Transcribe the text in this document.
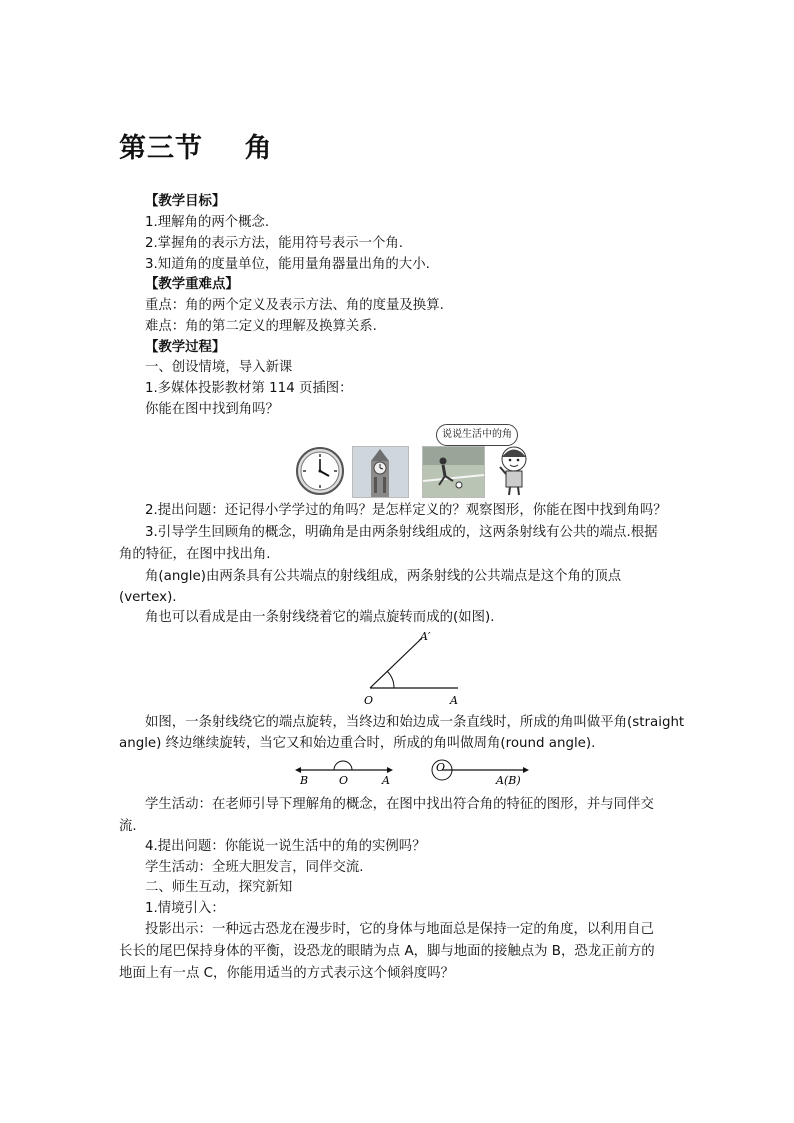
第三节    角
【教学目标】
1.理解角的两个概念.
2.掌握角的表示方法，能用符号表示一个角.
3.知道角的度量单位，能用量角器量出角的大小.
【教学重难点】
重点：角的两个定义及表示方法、角的度量及换算.
难点：角的第二定义的理解及换算关系.
【教学过程】
一、创设情境，导入新课
1.多媒体投影教材第 114 页插图：
你能在图中找到角吗？
说说生活中的角
2.提出问题：还记得小学学过的角吗？是怎样定义的？观察图形，你能在图中找到角吗？
3.引导学生回顾角的概念，明确角是由两条射线组成的，这两条射线有公共的端点.根据
角的特征，在图中找出角.
角(angle)由两条具有公共端点的射线组成，两条射线的公共端点是这个角的顶点
(vertex).
角也可以看成是由一条射线绕着它的端点旋转而成的(如图).
O	A
A′
如图，一条射线绕它的端点旋转，当终边和始边成一条直线时，所成的角叫做平角(straight
angle) 终边继续旋转，当它又和始边重合时，所成的角叫做周角(round angle).
B	O	A
O
A(B)
学生活动：在老师引导下理解角的概念，在图中找出符合角的特征的图形，并与同伴交
流.
4.提出问题：你能说一说生活中的角的实例吗？
学生活动：全班大胆发言，同伴交流.
二、师生互动，探究新知
1.情境引入：
投影出示：一种远古恐龙在漫步时，它的身体与地面总是保持一定的角度，以利用自己
长长的尾巴保持身体的平衡，设恐龙的眼睛为点 A，脚与地面的接触点为 B，恐龙正前方的
地面上有一点 C，你能用适当的方式表示这个倾斜度吗？
